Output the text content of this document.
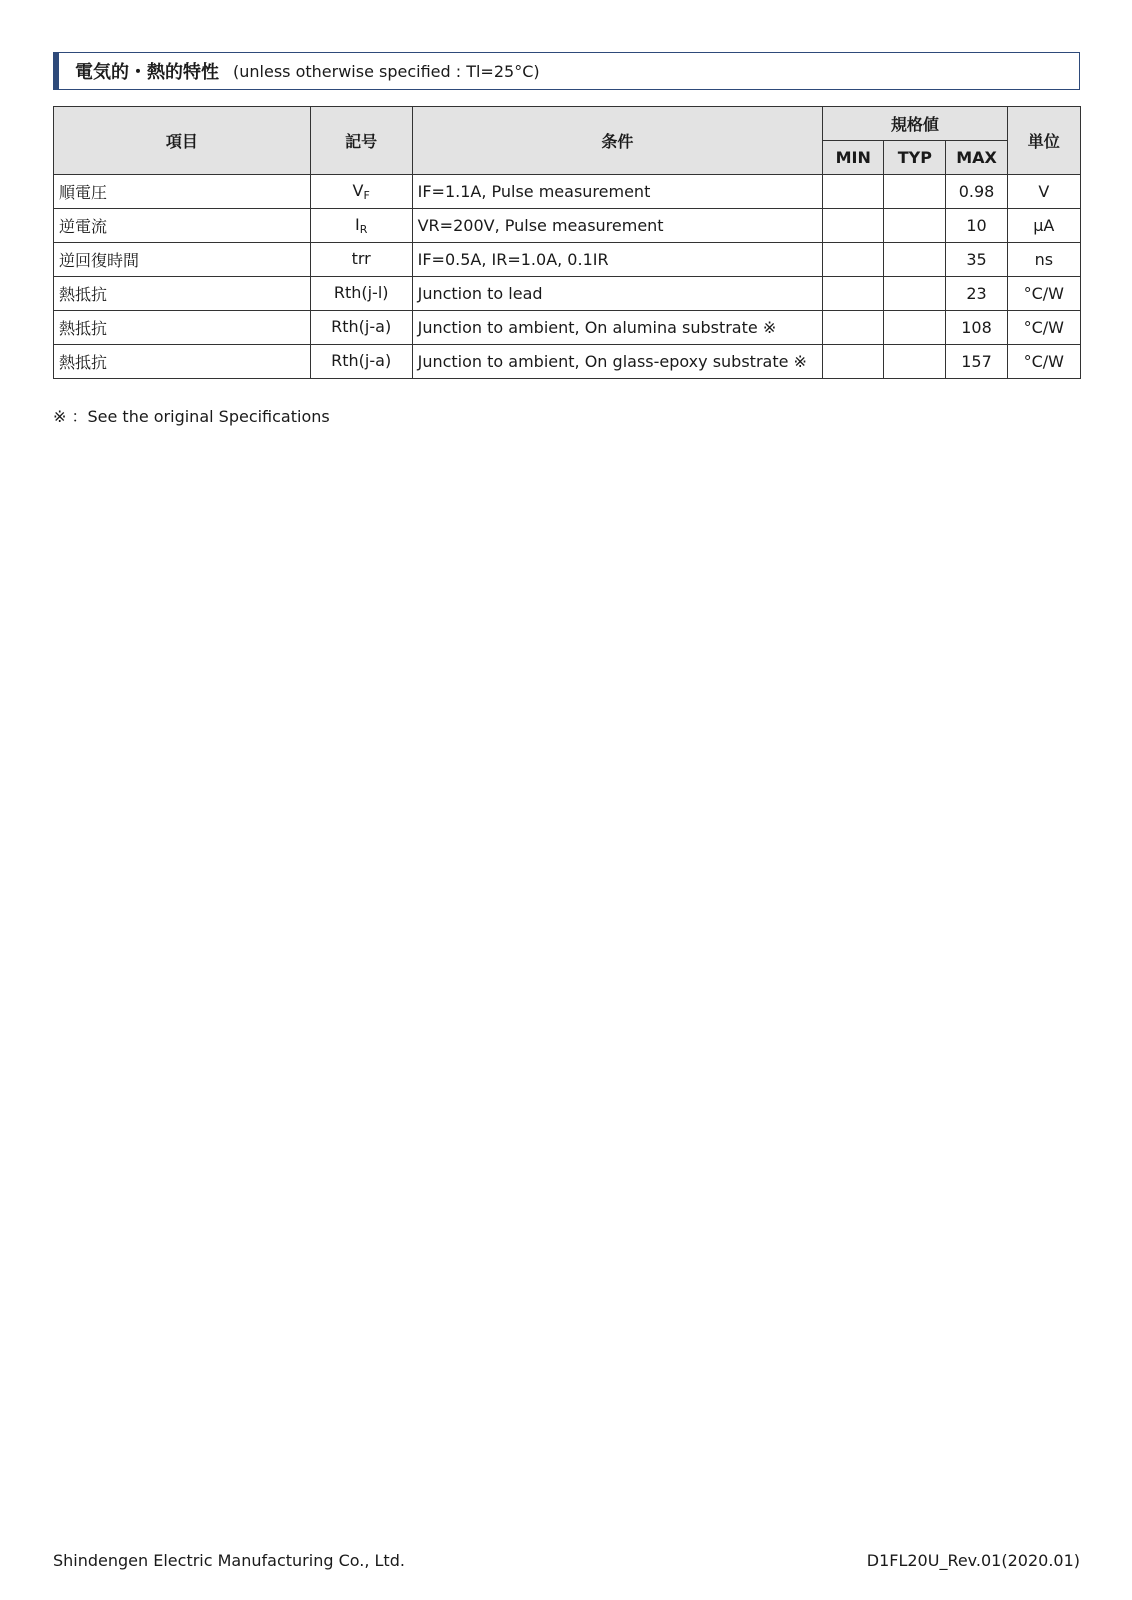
電気的・熱的特性 (unless otherwise specified : Tl=25°C)
項目	記号	条件	規格値			単位
			MIN	TYP	MAX	
順電圧	$V_F$	IF=1.1A, Pulse measurement			0.98	V
逆電流	$I_R$	VR=200V, Pulse measurement			10	μA
逆回復時間	trr	IF=0.5A, IR=1.0A, 0.1IR			35	ns
熱抵抗	Rth(j-l)	Junction to lead			23	°C/W
熱抵抗	Rth(j-a)	Junction to ambient, On alumina substrate ※			108	°C/W
熱抵抗	Rth(j-a)	Junction to ambient, On glass-epoxy substrate ※			157	°C/W
※ ：See the original Specifications
Shindengen Electric Manufacturing Co., Ltd.	D1FL20U_Rev.01(2020.01)
